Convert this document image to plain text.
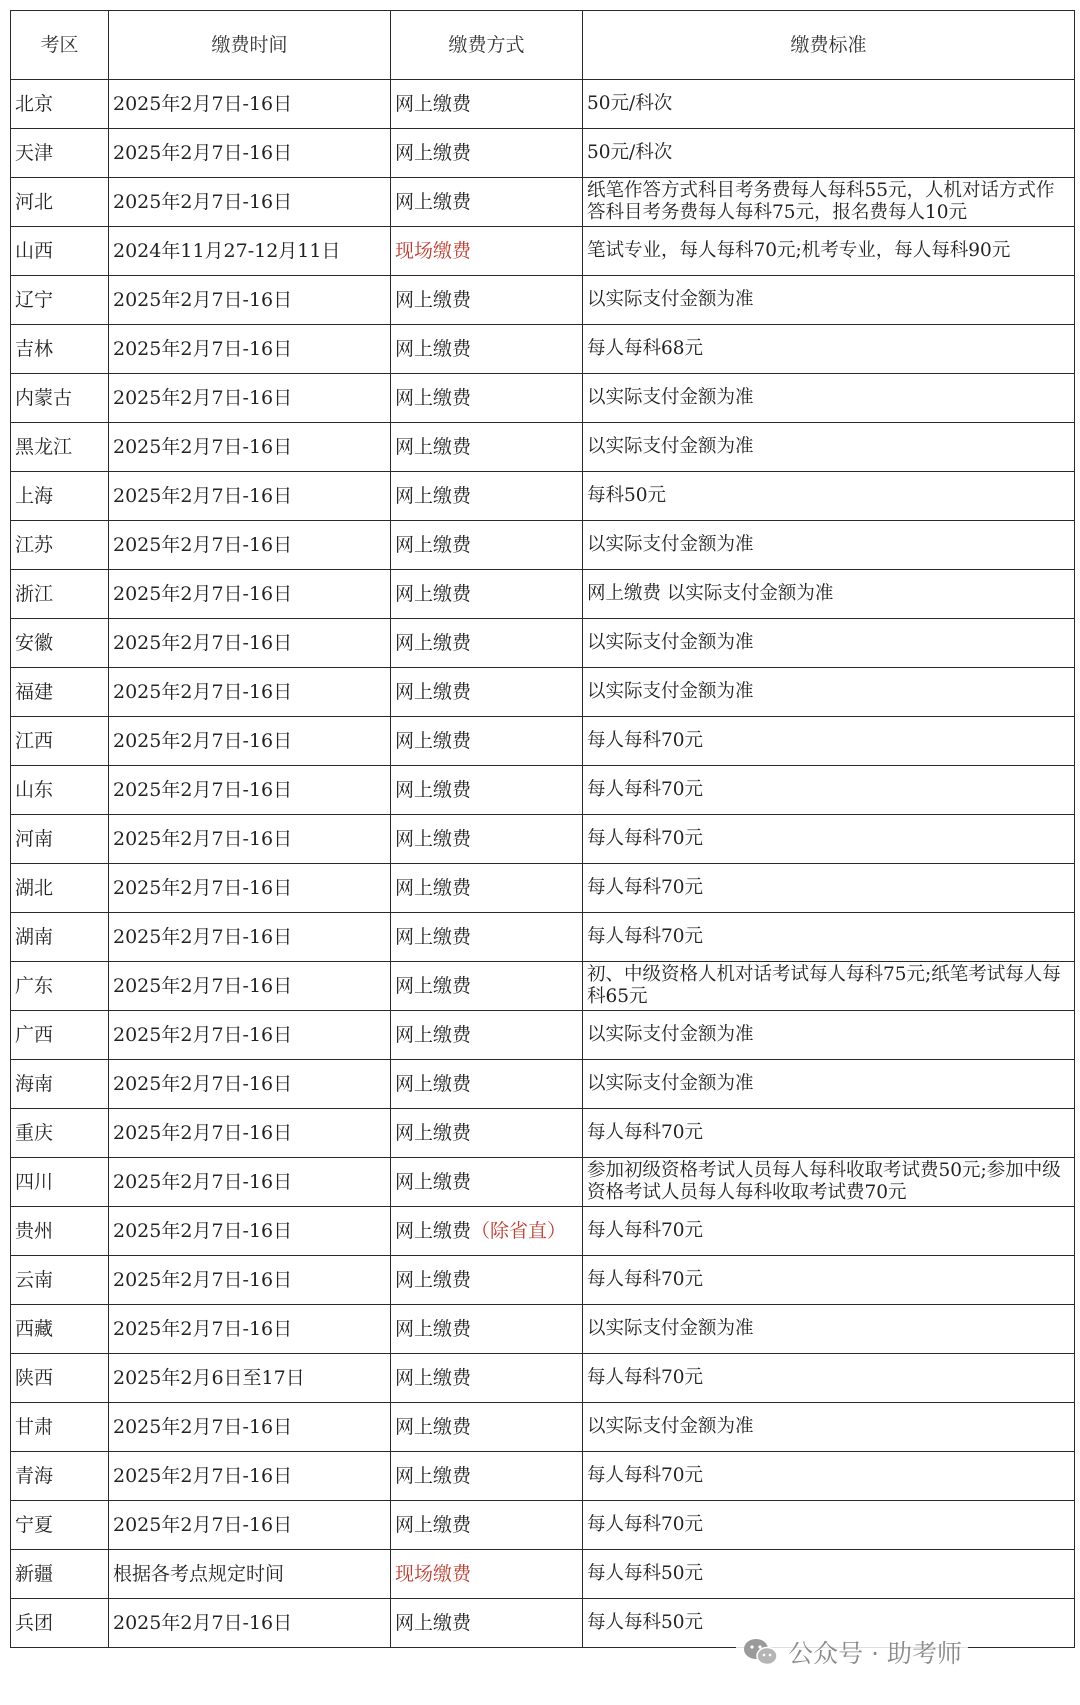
考区	缴费时间	缴费方式	缴费标准
北京	2025年2月7日-16日	网上缴费	50元/科次
天津	2025年2月7日-16日	网上缴费	50元/科次
河北	2025年2月7日-16日	网上缴费	纸笔作答方式科目考务费每人每科55元，人机对话方式作答科目考务费每人每科75元，报名费每人10元
山西	2024年11月27-12月11日	现场缴费	笔试专业，每人每科70元;机考专业，每人每科90元
辽宁	2025年2月7日-16日	网上缴费	以实际支付金额为准
吉林	2025年2月7日-16日	网上缴费	每人每科68元
内蒙古	2025年2月7日-16日	网上缴费	以实际支付金额为准
黑龙江	2025年2月7日-16日	网上缴费	以实际支付金额为准
上海	2025年2月7日-16日	网上缴费	每科50元
江苏	2025年2月7日-16日	网上缴费	以实际支付金额为准
浙江	2025年2月7日-16日	网上缴费	网上缴费 以实际支付金额为准
安徽	2025年2月7日-16日	网上缴费	以实际支付金额为准
福建	2025年2月7日-16日	网上缴费	以实际支付金额为准
江西	2025年2月7日-16日	网上缴费	每人每科70元
山东	2025年2月7日-16日	网上缴费	每人每科70元
河南	2025年2月7日-16日	网上缴费	每人每科70元
湖北	2025年2月7日-16日	网上缴费	每人每科70元
湖南	2025年2月7日-16日	网上缴费	每人每科70元
广东	2025年2月7日-16日	网上缴费	初、中级资格人机对话考试每人每科75元;纸笔考试每人每科65元
广西	2025年2月7日-16日	网上缴费	以实际支付金额为准
海南	2025年2月7日-16日	网上缴费	以实际支付金额为准
重庆	2025年2月7日-16日	网上缴费	每人每科70元
四川	2025年2月7日-16日	网上缴费	参加初级资格考试人员每人每科收取考试费50元;参加中级资格考试人员每人每科收取考试费70元
贵州	2025年2月7日-16日	网上缴费（除省直）	每人每科70元
云南	2025年2月7日-16日	网上缴费	每人每科70元
西藏	2025年2月7日-16日	网上缴费	以实际支付金额为准
陕西	2025年2月6日至17日	网上缴费	每人每科70元
甘肃	2025年2月7日-16日	网上缴费	以实际支付金额为准
青海	2025年2月7日-16日	网上缴费	每人每科70元
宁夏	2025年2月7日-16日	网上缴费	每人每科70元
新疆	根据各考点规定时间	现场缴费	每人每科50元
兵团	2025年2月7日-16日	网上缴费	每人每科50元
公众号 · 助考师
